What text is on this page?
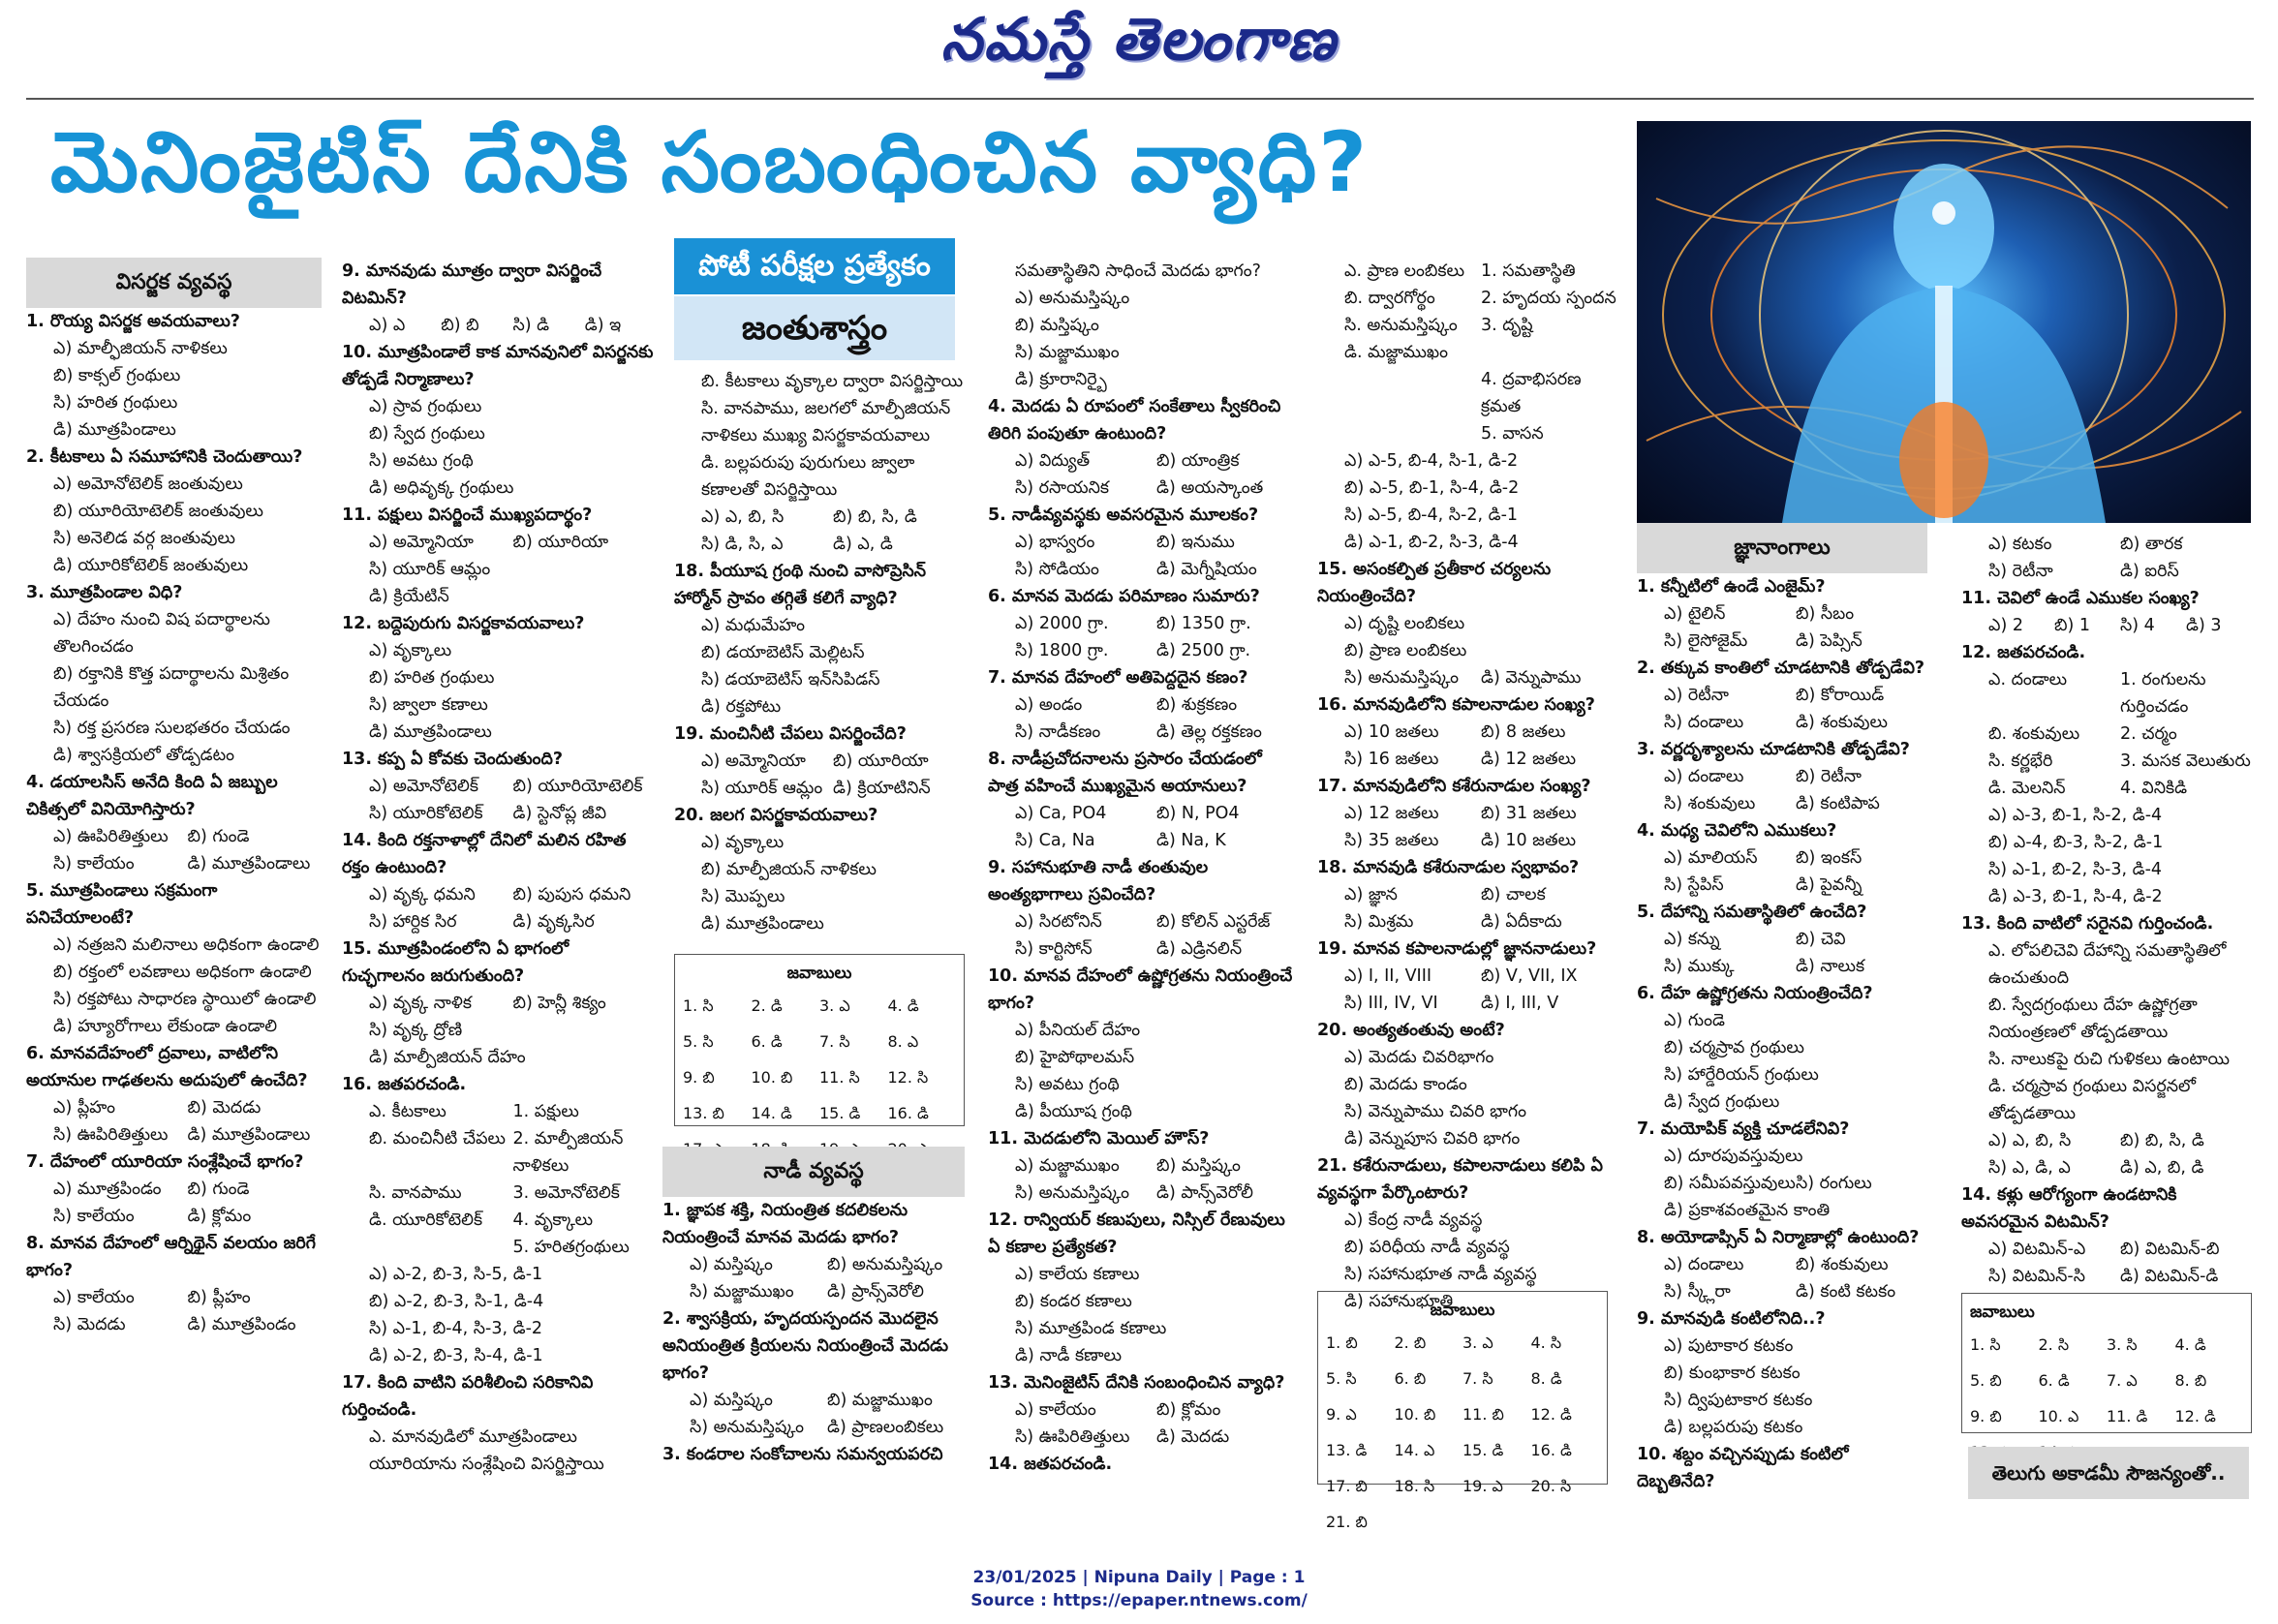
నమస్తే తెలంగాణ
మెనింజైటిస్ దేనికి సంబంధించిన వ్యాధి?
విసర్జక వ్యవస్థ
1. రొయ్య విసర్జక అవయవాలు?
ఎ) మాల్ఫీజియన్ నాళికలు
బి) కాక్సల్ గ్రంథులు
సి) హరిత గ్రంథులు
డి) మూత్రపిండాలు
2. కీటకాలు ఏ సమూహానికి చెందుతాయి?
ఎ) అమోనోటెలిక్ జంతువులు
బి) యూరియోటెలిక్ జంతువులు
సి) అనెలిడ వర్గ జంతువులు
డి) యూరికోటెలిక్ జంతువులు
3. మూత్రపిండాల విధి?
ఎ) దేహం నుంచి విష పదార్థాలను తొలగించడం
బి) రక్తానికి కొత్త పదార్థాలను మిశ్రితం చేయడం
సి) రక్త ప్రసరణ సులభతరం చేయడం
డి) శ్వాసక్రియలో తోడ్పడటం
4. డయాలసిస్ అనేది కింది ఏ జబ్బుల చికిత్సలో వినియోగిస్తారు?
ఎ) ఊపిరితిత్తులు	బి) గుండె
సి) కాలేయం	డి) మూత్రపిండాలు
5. మూత్రపిండాలు సక్రమంగా పనిచేయాలంటే?
ఎ) నత్రజని మలినాలు అధికంగా ఉండాలి
బి) రక్తంలో లవణాలు అధికంగా ఉండాలి
సి) రక్తపోటు సాధారణ స్థాయిలో ఉండాలి
డి) హ్యూరోగాలు లేకుండా ఉండాలి
6. మానవదేహంలో ద్రవాలు, వాటిలోని అయానుల గాఢతలను అదుపులో ఉంచేది?
ఎ) ప్లీహం	బి) మెదడు
సి) ఊపిరితిత్తులు	డి) మూత్రపిండాలు
7. దేహంలో యూరియా సంశ్లేషించే భాగం?
ఎ) మూత్రపిండం	బి) గుండె
సి) కాలేయం	డి) క్లోమం
8. మానవ దేహంలో ఆర్నిథైన్ వలయం జరిగే భాగం?
ఎ) కాలేయం	బి) ప్లీహం
సి) మెదడు	డి) మూత్రపిండం
9. మానవుడు మూత్రం ద్వారా విసర్జించే విటమిన్?
ఎ) ఎ	బి) బి	సి) డి	డి) ఇ
10. మూత్రపిండాలే కాక మానవునిలో విసర్జనకు తోడ్పడే నిర్మాణాలు?
ఎ) స్రావ గ్రంథులు
బి) స్వేద గ్రంథులు
సి) అవటు గ్రంథి
డి) అధివృక్క గ్రంథులు
11. పక్షులు విసర్జించే ముఖ్యపదార్థం?
ఎ) అమ్మోనియా	బి) యూరియా
సి) యూరిక్ ఆమ్లం
డి) క్రియేటిన్
12. బద్దెపురుగు విసర్జకావయవాలు?
ఎ) వృక్కాలు
బి) హరిత గ్రంథులు
సి) జ్వాలా కణాలు
డి) మూత్రపిండాలు
13. కప్ప ఏ కోవకు చెందుతుంది?
ఎ) అమోనోటెలిక్	బి) యూరియోటెలిక్
సి) యూరికోటెలిక్	డి) స్టెనోప్ల జీవి
14. కింది రక్తనాళాల్లో దేనిలో మలిన రహిత రక్తం ఉంటుంది?
ఎ) వృక్క ధమని	బి) పుపుస ధమని
సి) హార్దిక సిర	డి) వృక్కసిర
15. మూత్రపిండంలోని ఏ భాగంలో గుచ్ఛగాలనం జరుగుతుంది?
ఎ) వృక్క నాళిక	బి) హెన్లీ శిక్యం
సి) వృక్క ద్రోణి
డి) మాల్పీజియన్ దేహం
16. జతపరచండి.
ఎ. కీటకాలు	1. పక్షులు
బి. మంచినీటి చేపలు 2. మాల్పీజియన్ నాళికలు
సి. వానపాము	3. అమోనోటెలిక్
డి. యూరికోటెలిక్	4. వృక్కాలు
5. హరితగ్రంథులు
ఎ) ఎ-2, బి-3, సి-5, డి-1
బి) ఎ-2, బి-3, సి-1, డి-4
సి) ఎ-1, బి-4, సి-3, డి-2
డి) ఎ-2, బి-3, సి-4, డి-1
17. కింది వాటిని పరిశీలించి సరికానివి గుర్తించండి.
ఎ. మానవుడిలో మూత్రపిండాలు యూరియాను సంశ్లేషించి విసర్జిస్తాయి
పోటీ పరీక్షల ప్రత్యేకం
జంతుశాస్త్రం
బి. కీటకాలు వృక్కాల ద్వారా విసర్జిస్తాయి
సి. వానపాము, జలగలో మాల్పీజియన్ నాళికలు ముఖ్య విసర్జకావయవాలు
డి. బల్లపరుపు పురుగులు జ్వాలా కణాలతో విసర్జిస్తాయి
ఎ) ఎ, బి, సి	బి) బి, సి, డి
సి) డి, సి, ఎ	డి) ఎ, డి
18. పీయూష గ్రంథి నుంచి వాసోప్రెసిన్ హార్మోన్ స్రావం తగ్గితే కలిగే వ్యాధి?
ఎ) మధుమేహం
బి) డయాబెటిస్ మెల్లిటస్
సి) డయాబెటిస్ ఇన్‌సిపిడస్
డి) రక్తపోటు
19. మంచినీటి చేపలు విసర్జించేది?
ఎ) అమ్మోనియా	బి) యూరియా
సి) యూరిక్ ఆమ్లం డి) క్రియాటినిన్
20. జలగ విసర్జకావయవాలు?
ఎ) వృక్కాలు
బి) మాల్పీజియన్ నాళికలు
సి) మొప్పలు
డి) మూత్రపిండాలు
జవాబులు
1. సి	2. డి	3. ఎ	4. డి
5. సి	6. డి	7. సి	8. ఎ
9. బి	10. బి	11. సి	12. సి
13. బి	14. డి	15. డి	16. డి
నాడీ వ్యవస్థ
1. జ్ఞాపక శక్తి, నియంత్రిత కదలికలను నియంత్రించే మానవ మెదడు భాగం?
ఎ) మస్తిష్కం	బి) అనుమస్తిష్కం
సి) మజ్జాముఖం	డి) ప్రాన్స్‌వెరోలి
2. శ్వాసక్రియ, హృదయస్పందన మొదలైన అనియంత్రిత క్రియలను నియంత్రించే మెదడు భాగం?
ఎ) మస్తిష్కం	బి) మజ్జాముఖం
సి) అనుమస్తిష్కం	డి) ప్రాణలంబికలు
3. కండరాల సంకోచాలను సమన్వయపరచి
సమతాస్థితిని సాధించే మెదడు భాగం?
ఎ) అనుమస్తిష్కం
బి) మస్తిష్కం
సి) మజ్జాముఖం
డి) క్రూరానిర్బై
4. మెదడు ఏ రూపంలో సంకేతాలు స్వీకరించి తిరిగి పంపుతూ ఉంటుంది?
ఎ) విద్యుత్	బి) యాంత్రిక
సి) రసాయనిక	డి) అయస్కాంత
5. నాడీవ్యవస్థకు అవసరమైన మూలకం?
ఎ) భాస్వరం	బి) ఇనుము
సి) సోడియం	డి) మెగ్నీషియం
6. మానవ మెదడు పరిమాణం సుమారు?
ఎ) 2000 గ్రా.	బి) 1350 గ్రా.
సి) 1800 గ్రా.	డి) 2500 గ్రా.
7. మానవ దేహంలో అతిపెద్దదైన కణం?
ఎ) అండం	బి) శుక్రకణం
సి) నాడీకణం	డి) తెల్ల రక్తకణం
8. నాడీప్రచోదనాలను ప్రసారం చేయడంలో పాత్ర వహించే ముఖ్యమైన అయానులు?
ఎ) Ca, PO4	బి) N, PO4
సి) Ca, Na	డి) Na, K
9. సహానుభూతి నాడీ తంతువుల అంత్యభాగాలు స్రవించేది?
ఎ) సిరటోనిన్	బి) కోలిన్ ఎస్టరేజ్
సి) కార్టిసోన్	డి) ఎడ్రినలిన్
10. మానవ దేహంలో ఉష్ణోగ్రతను నియంత్రించే భాగం?
ఎ) పీనియల్ దేహం
బి) హైపోథాలమస్
సి) అవటు గ్రంథి
డి) పీయూష గ్రంథి
11. మెదడులోని మెయిల్ హౌస్?
ఎ) మజ్జాముఖం	బి) మస్తిష్కం
సి) అనుమస్తిష్కం	డి) పాన్స్‌వెరోలీ
12. రాన్వియర్ కణుపులు, నిస్సిల్ రేణువులు ఏ కణాల ప్రత్యేకత?
ఎ) కాలేయ కణాలు
బి) కండర కణాలు
సి) మూత్రపిండ కణాలు
డి) నాడీ కణాలు
13. మెనింజైటిస్ దేనికి సంబంధించిన వ్యాధి?
ఎ) కాలేయం	బి) క్లోమం
సి) ఊపిరితిత్తులు	డి) మెదడు
14. జతపరచండి.
ఎ. ప్రాణ లంబికలు 1. సమతాస్థితి
బి. ద్వారగోర్థం	2. హృదయ స్పందన
సి. అనుమస్తిష్కం	3. దృష్టి
డి. మజ్జాముఖం
4. ద్రవాభిసరణ క్రమత
5. వాసన
ఎ) ఎ-5, బి-4, సి-1, డి-2
బి) ఎ-5, బి-1, సి-4, డి-2
సి) ఎ-5, బి-4, సి-2, డి-1
డి) ఎ-1, బి-2, సి-3, డి-4
15. అసంకల్పిత ప్రతీకార చర్యలను నియంత్రించేది?
ఎ) దృష్టి లంబికలు
బి) ప్రాణ లంబికలు
సి) అనుమస్తిష్కం	డి) వెన్నుపాము
16. మానవుడిలోని కపాలనాడుల సంఖ్య?
ఎ) 10 జతలు	బి) 8 జతలు
సి) 16 జతలు	డి) 12 జతలు
17. మానవుడిలోని కశేరునాడుల సంఖ్య?
ఎ) 12 జతలు	బి) 31 జతలు
సి) 35 జతలు	డి) 10 జతలు
18. మానవుడి కశేరునాడుల స్వభావం?
ఎ) జ్ఞాన	బి) చాలక
సి) మిశ్రమ	డి) ఏదీకాదు
19. మానవ కపాలనాడుల్లో జ్ఞాననాడులు?
ఎ) I, II, VIII	బి) V, VII, IX
సి) III, IV, VI	డి) I, III, V
20. అంత్యతంతువు అంటే?
ఎ) మెదడు చివరిభాగం
బి) మెదడు కాండం
సి) వెన్నుపాము చివరి భాగం
డి) వెన్నుపూస చివరి భాగం
21. కశేరునాడులు, కపాలనాడులు కలిపి ఏ వ్యవస్థగా పేర్కొంటారు?
ఎ) కేంద్ర నాడీ వ్యవస్థ
బి) పరిధీయ నాడీ వ్యవస్థ
సి) సహానుభూత నాడీ వ్యవస్థ
డి) సహానుభూతి
జవాబులు
1. బి	2. బి	3. ఎ	4. సి
5. సి	6. బి	7. సి	8. డి
9. ఎ	10. బి	11. బి	12. డి
13. డి	14. ఎ	15. డి	16. డి
17. బి	18. సి	19. ఎ	20. సి
21. బి
జ్ఞానాంగాలు
1. కన్నీటిలో ఉండే ఎంజైమ్?
ఎ) టైలిన్	బి) సీబం
సి) లైసోజైమ్	డి) పెప్సిన్
2. తక్కువ కాంతిలో చూడటానికి తోడ్పడేవి?
ఎ) రెటీనా	బి) కోరాయిడ్
సి) దండాలు	డి) శంకువులు
3. వర్ణదృశ్యాలను చూడటానికి తోడ్పడేవి?
ఎ) దండాలు	బి) రెటీనా
సి) శంకువులు	డి) కంటిపాప
4. మధ్య చెవిలోని ఎముకలు?
ఎ) మాలియస్	బి) ఇంకస్
సి) స్టేపిస్	డి) పైవన్నీ
5. దేహాన్ని సమతాస్థితిలో ఉంచేది?
ఎ) కన్ను	బి) చెవి
సి) ముక్కు	డి) నాలుక
6. దేహ ఉష్ణోగ్రతను నియంత్రించేది?
ఎ) గుండె
బి) చర్మస్రావ గ్రంథులు
సి) హార్డేరియన్ గ్రంథులు
డి) స్వేద గ్రంథులు
7. మయోపిక్ వ్యక్తి చూడలేనివి?
ఎ) దూరపువస్తువులు
బి) సమీపవస్తువులు సి) రంగులు
డి) ప్రకాశవంతమైన కాంతి
8. అయోడాప్సిన్ ఏ నిర్మాణాల్లో ఉంటుంది?
ఎ) దండాలు	బి) శంకువులు
సి) స్క్లీరా	డి) కంటి కటకం
9. మానవుడి కంటిలోనిది..?
ఎ) పుటాకార కటకం
బి) కుంభాకార కటకం
సి) ద్విపుటాకార కటకం
డి) బల్లపరుపు కటకం
10. శబ్దం వచ్చినప్పుడు కంటిలో దెబ్బతినేది?
ఎ) కటకం	బి) తారక
సి) రెటీనా	డి) ఐరిస్
11. చెవిలో ఉండే ఎముకల సంఖ్య?
ఎ) 2	బి) 1	సి) 4	డి) 3
12. జతపరచండి.
ఎ. దండాలు	1. రంగులను గుర్తించడం
బి. శంకువులు	2. చర్మం
సి. కర్ణభేరి	3. మసక వెలుతురు
డి. మెలనిన్	4. వినికిడి
ఎ) ఎ-3, బి-1, సి-2, డి-4
బి) ఎ-4, బి-3, సి-2, డి-1
సి) ఎ-1, బి-2, సి-3, డి-4
డి) ఎ-3, బి-1, సి-4, డి-2
13. కింది వాటిలో సరైనవి గుర్తించండి.
ఎ. లోపలిచెవి దేహాన్ని సమతాస్థితిలో ఉంచుతుంది
బి. స్వేదగ్రంథులు దేహ ఉష్ణోగ్రతా నియంత్రణలో తోడ్పడతాయి
సి. నాలుకపై రుచి గుళికలు ఉంటాయి
డి. చర్మస్రావ గ్రంథులు విసర్జనలో తోడ్పడతాయి
ఎ) ఎ, బి, సి	బి) బి, సి, డి
సి) ఎ, డి, ఎ	డి) ఎ, బి, డి
14. కళ్లు ఆరోగ్యంగా ఉండటానికి అవసరమైన విటమిన్?
ఎ) విటమిన్-ఎ	బి) విటమిన్-బి
సి) విటమిన్-సి	డి) విటమిన్-డి
జవాబులు
1. సి	2. సి	3. సి	4. డి
5. బి	6. డి	7. ఎ	8. బి
9. బి	10. ఎ	11. డి	12. డి
తెలుగు అకాడమీ సౌజన్యంతో..
23/01/2025 | Nipuna Daily | Page : 1
Source : https://epaper.ntnews.com/
